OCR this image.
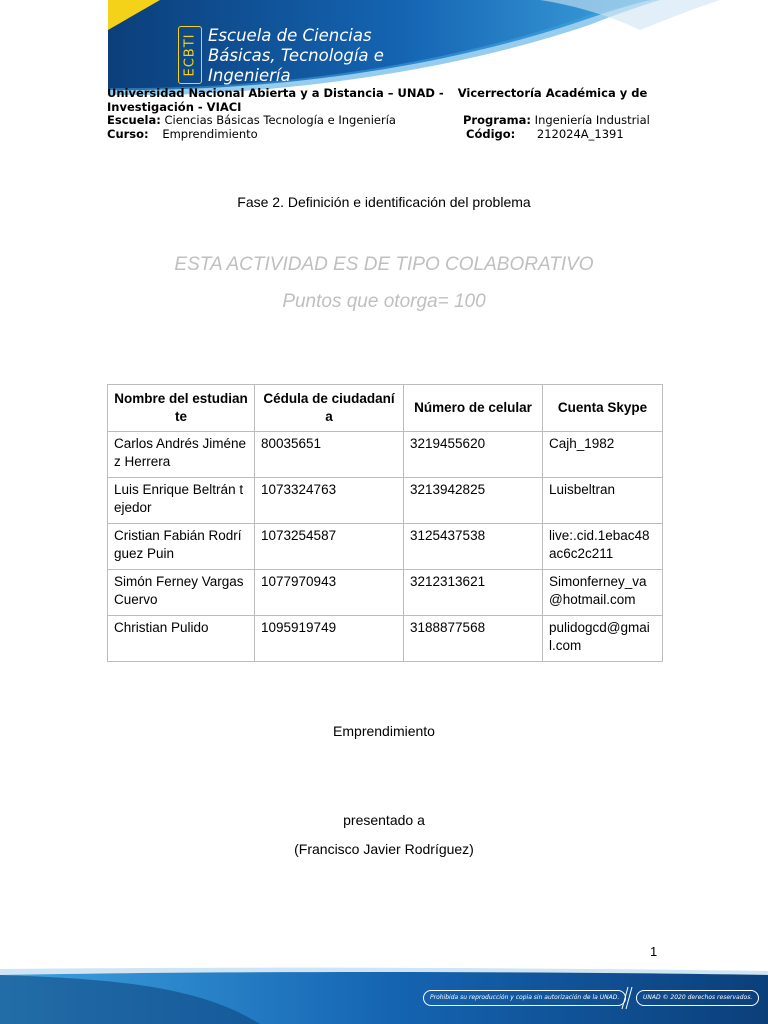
ECBTI Escuela de Ciencias
Básicas, Tecnología e
Ingeniería
Universidad Nacional Abierta y a Distancia – UNAD - Vicerrectoría Académica y de
Investigación - VIACI
Escuela: Ciencias Básicas Tecnología e Ingeniería	Programa: Ingeniería Industrial
Curso: Emprendimiento	Código: 212024A_1391
Fase 2. Definición e identificación del problema
ESTA ACTIVIDAD ES DE TIPO COLABORATIVO
Puntos que otorga= 100
Nombre del estudiante	Cédula de ciudadanía	Número de celular	Cuenta Skype
Carlos Andrés Jiménez Herrera	80035651	3219455620	Cajh_1982
Luis Enrique Beltrán tejedor	1073324763	3213942825	Luisbeltran
Cristian Fabián Rodríguez Puin	1073254587	3125437538	live:.cid.1ebac48ac6c2c211
Simón Ferney Vargas Cuervo	1077970943	3212313621	Simonferney_va@hotmail.com
Christian Pulido	1095919749	3188877568	pulidogcd@gmail.com
Emprendimiento
presentado a
(Francisco Javier Rodríguez)
1
Prohibida su reproducción y copia sin autorización de la UNAD.	UNAD © 2020 derechos reservados.
